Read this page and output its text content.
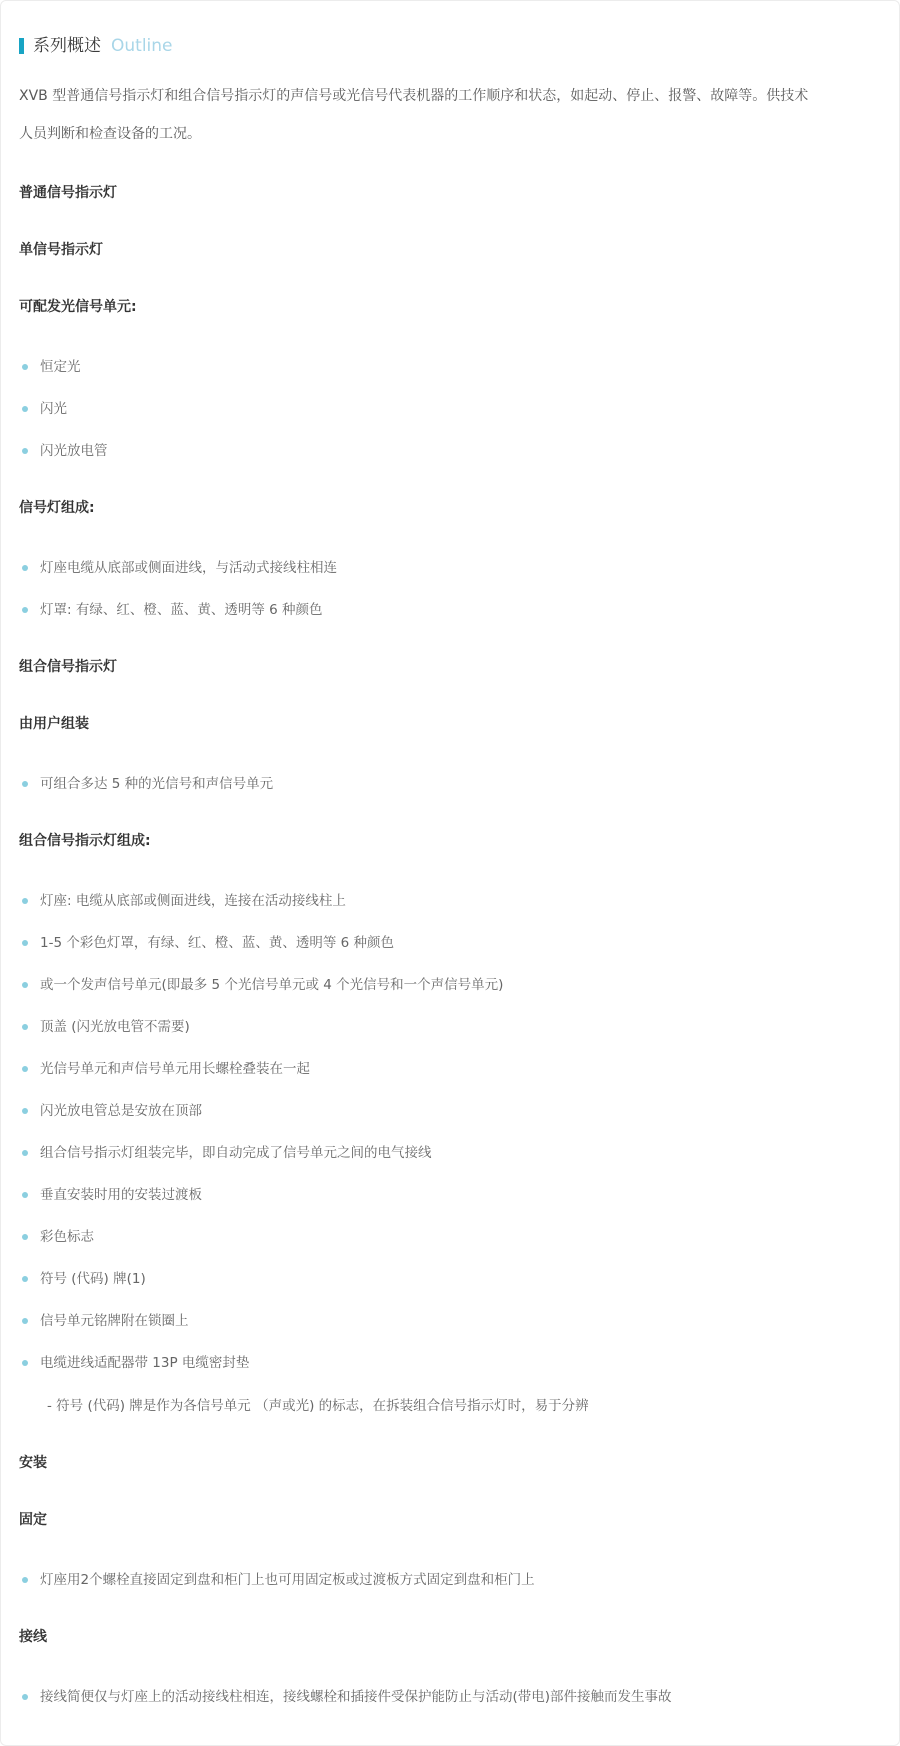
系列概述 Outline
XVB 型普通信号指示灯和组合信号指示灯的声信号或光信号代表机器的工作顺序和状态，如起动、停止、报警、故障等。供技术
人员判断和检查设备的工况。
普通信号指示灯
单信号指示灯
可配发光信号单元:
恒定光
闪光
闪光放电管
信号灯组成:
灯座电缆从底部或侧面进线，与活动式接线柱相连
灯罩: 有绿、红、橙、蓝、黄、透明等 6 种颜色
组合信号指示灯
由用户组装
可组合多达 5 种的光信号和声信号单元
组合信号指示灯组成:
灯座: 电缆从底部或侧面进线，连接在活动接线柱上
1-5 个彩色灯罩，有绿、红、橙、蓝、黄、透明等 6 种颜色
或一个发声信号单元(即最多 5 个光信号单元或 4 个光信号和一个声信号单元)
顶盖 (闪光放电管不需要)
光信号单元和声信号单元用长螺栓叠装在一起
闪光放电管总是安放在顶部
组合信号指示灯组装完毕，即自动完成了信号单元之间的电气接线
垂直安装时用的安装过渡板
彩色标志
符号 (代码) 牌(1)
信号单元铭牌附在锁圈上
电缆进线适配器带 13P 电缆密封垫
- 符号 (代码) 牌是作为各信号单元 （声或光) 的标志，在拆装组合信号指示灯时，易于分辨
安装
固定
灯座用2个螺栓直接固定到盘和柜门上也可用固定板或过渡板方式固定到盘和柜门上
接线
接线简便仅与灯座上的活动接线柱相连，接线螺栓和插接件受保护能防止与活动(带电)部件接触而发生事故
